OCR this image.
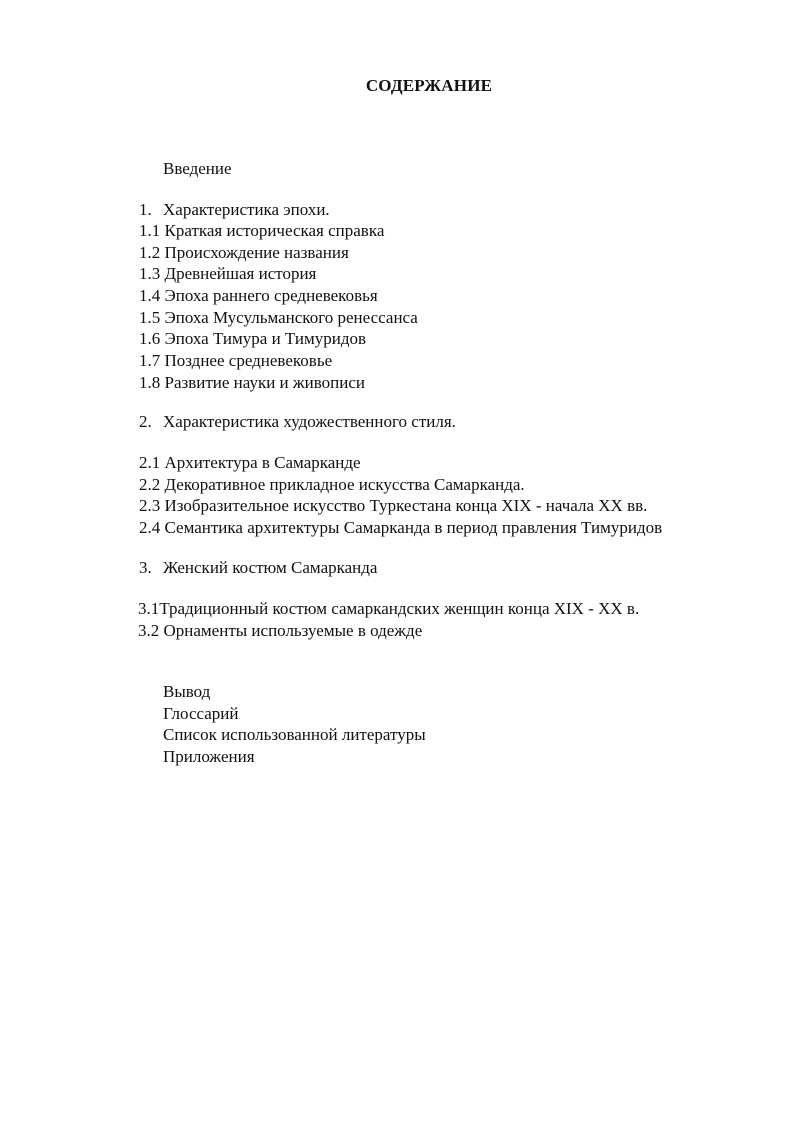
СОДЕРЖАНИЕ
Введение
1. Характеристика эпохи.
1.1 Краткая историческая справка
1.2 Происхождение названия
1.3 Древнейшая история
1.4 Эпоха раннего средневековья
1.5 Эпоха Мусульманского ренессанса
1.6 Эпоха Тимура и Тимуридов
1.7 Позднее средневековье
1.8 Развитие науки и живописи
2. Характеристика художественного стиля.
2.1 Архитектура в Самарканде
2.2 Декоративное прикладное искусства Самарканда.
2.3 Изобразительное искусство Туркестана конца XIX - начала XX вв.
2.4 Семантика архитектуры Самарканда в период правления Тимуридов
3. Женский костюм Самарканда
3.1Традиционный костюм самаркандских женщин конца XIX - XX в.
3.2 Орнаменты используемые в одежде
Вывод
Глоссарий
Список использованной литературы
Приложения
